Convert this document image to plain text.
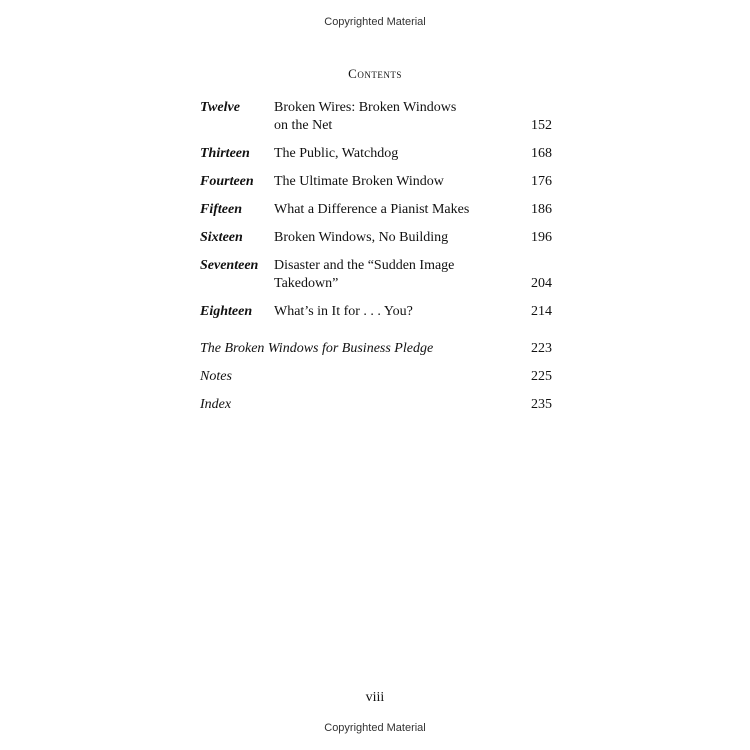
Copyrighted Material
Contents
Twelve Broken Wires: Broken Windows
on the Net	152
Thirteen The Public, Watchdog	168
Fourteen The Ultimate Broken Window	176
Fifteen What a Difference a Pianist Makes	186
Sixteen Broken Windows, No Building	196
Seventeen Disaster and the “Sudden Image
Takedown”	204
Eighteen What’s in It for . . . You?	214
The Broken Windows for Business Pledge	223
Notes	225
Index	235
viii
Copyrighted Material
